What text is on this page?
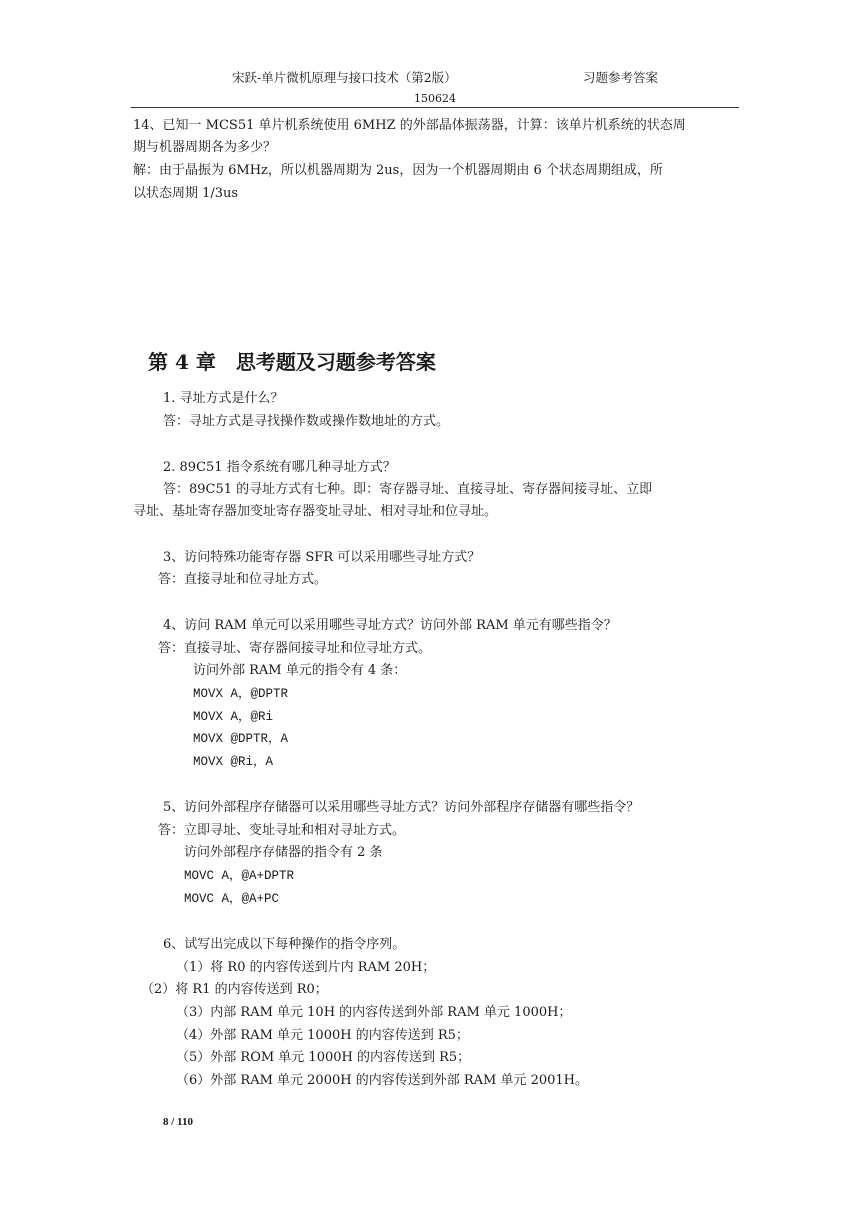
宋跃-单片微机原理与接口技术（第2版）	习题参考答案
150624
14、已知一 MCS51 单片机系统使用 6MHZ 的外部晶体振荡器，计算：该单片机系统的状态周
期与机器周期各为多少？
解：由于晶振为 6MHz，所以机器周期为 2us，因为一个机器周期由 6 个状态周期组成，所
以状态周期 1/3us
第 4 章　思考题及习题参考答案
1. 寻址方式是什么？
答：寻址方式是寻找操作数或操作数地址的方式。
2. 89C51 指令系统有哪几种寻址方式？
答：89C51 的寻址方式有七种。即：寄存器寻址、直接寻址、寄存器间接寻址、立即
寻址、基址寄存器加变址寄存器变址寻址、相对寻址和位寻址。
3、访问特殊功能寄存器 SFR 可以采用哪些寻址方式？
答：直接寻址和位寻址方式。
4、访问 RAM 单元可以采用哪些寻址方式？访问外部 RAM 单元有哪些指令？
答：直接寻址、寄存器间接寻址和位寻址方式。
访问外部 RAM 单元的指令有 4 条：
MOVX A，@DPTR
MOVX A，@Ri
MOVX @DPTR，A
MOVX @Ri，A
5、访问外部程序存储器可以采用哪些寻址方式？访问外部程序存储器有哪些指令？
答：立即寻址、变址寻址和相对寻址方式。
访问外部程序存储器的指令有 2 条
MOVC A，@A+DPTR
MOVC A，@A+PC
6、试写出完成以下每种操作的指令序列。
（1）将 R0 的内容传送到片内 RAM 20H；
（2）将 R1 的内容传送到 R0；
（3）内部 RAM 单元 10H 的内容传送到外部 RAM 单元 1000H；
（4）外部 RAM 单元 1000H 的内容传送到 R5；
（5）外部 ROM 单元 1000H 的内容传送到 R5；
（6）外部 RAM 单元 2000H 的内容传送到外部 RAM 单元 2001H。
8 / 110
